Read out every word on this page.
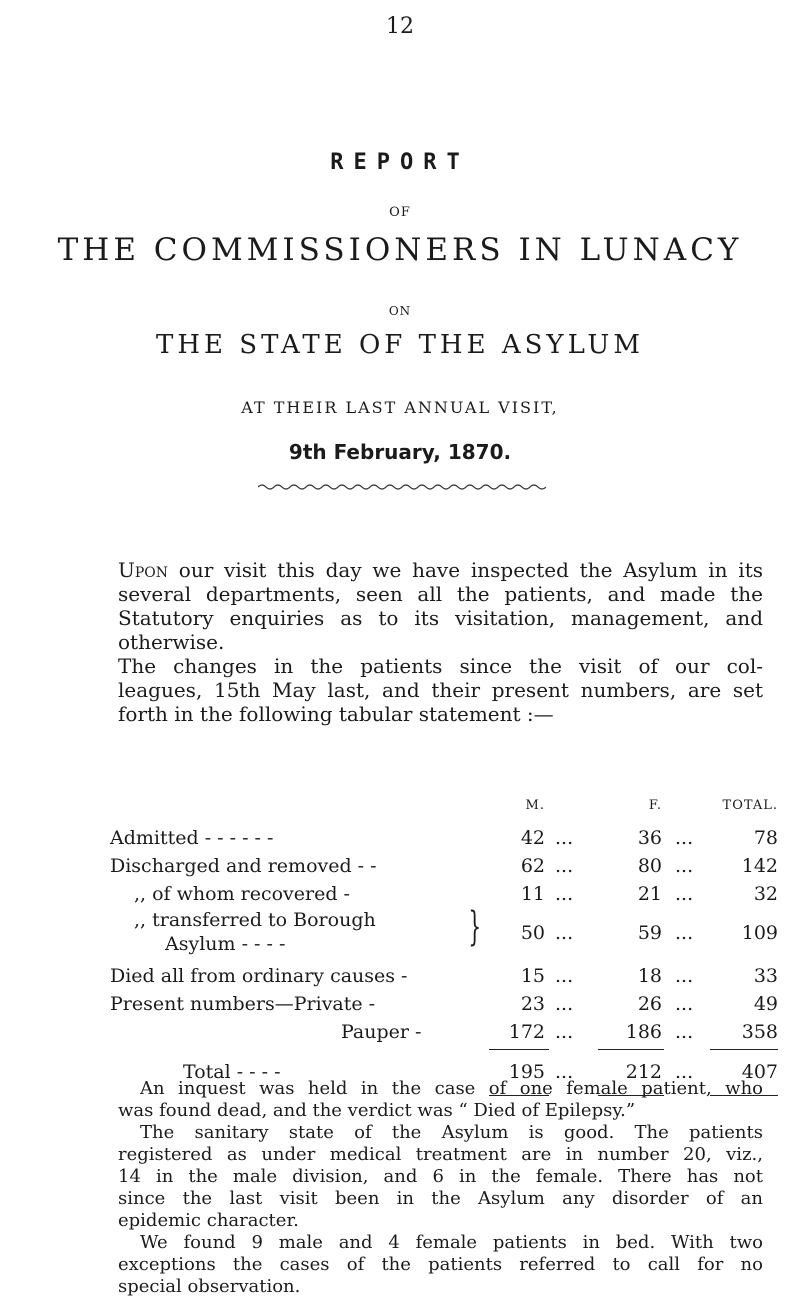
12
REPORT
OF
THE COMMISSIONERS IN LUNACY
ON
THE STATE OF THE ASYLUM
AT THEIR LAST ANNUAL VISIT,
9th February, 1870.
Upon our visit this day we have inspected the Asylum in its
several departments, seen all the patients, and made the
Statutory enquiries as to its visitation, management, and
otherwise.
The changes in the patients since the visit of our col-
leagues, 15th May last, and their present numbers, are set
forth in the following tabular statement :—
M.	F.	TOTAL.
Admitted - - - - - -	42 ...	36 ...	78
Discharged and removed - -	62 ...	80 ...	142
,, of whom recovered -	11 ...	21 ...	32
,, transferred to Borough
Asylum - - - -	}	50 ...	59 ...	109
Died all from ordinary causes -	15 ...	18 ...	33
Present numbers—Private -	23 ...	26 ...	49
Pauper -	172 ...	186 ...	358
Total - - - -	195 ...	212 ...	407
An inquest was held in the case of one female patient, who
was found dead, and the verdict was “ Died of Epilepsy.”
The sanitary state of the Asylum is good. The patients
registered as under medical treatment are in number 20, viz.,
14 in the male division, and 6 in the female. There has not
since the last visit been in the Asylum any disorder of an
epidemic character.
We found 9 male and 4 female patients in bed. With two
exceptions the cases of the patients referred to call for no
special observation.
